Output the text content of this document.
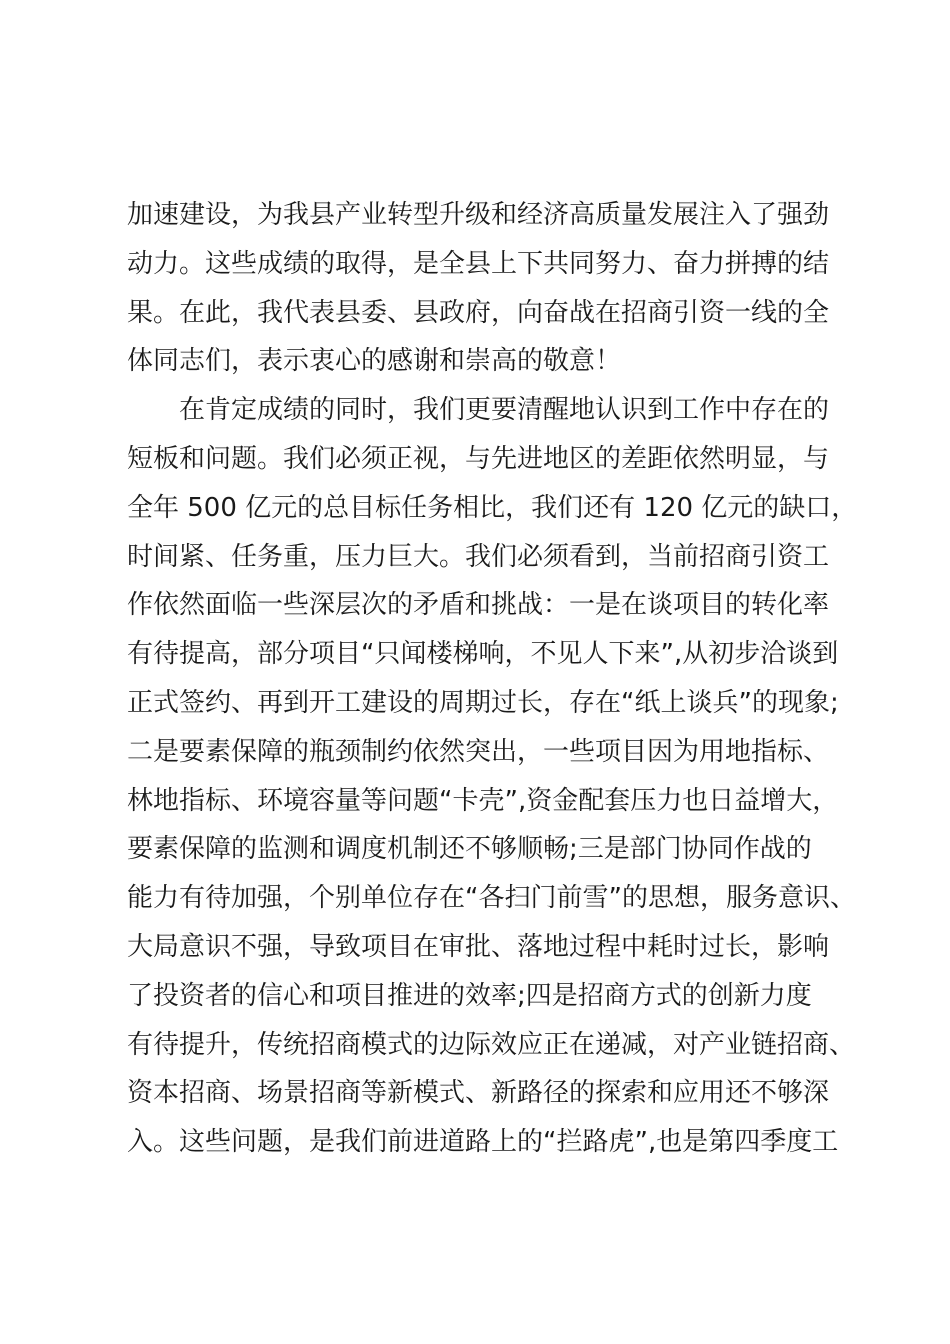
加速建设，为我县产业转型升级和经济高质量发展注入了强劲

动力。这些成绩的取得，是全县上下共同努力、奋力拼搏的结

果。在此，我代表县委、县政府，向奋战在招商引资一线的全

体同志们，表示衷心的感谢和崇高的敬意！

在肯定成绩的同时，我们更要清醒地认识到工作中存在的

短板和问题。我们必须正视，与先进地区的差距依然明显，与

全年 500 亿元的总目标任务相比，我们还有 120 亿元的缺口，

时间紧、任务重，压力巨大。我们必须看到，当前招商引资工

作依然面临一些深层次的矛盾和挑战：一是在谈项目的转化率

有待提高，部分项目“只闻楼梯响，不见人下来”,从初步洽谈到

正式签约、再到开工建设的周期过长，存在“纸上谈兵”的现象;

二是要素保障的瓶颈制约依然突出，一些项目因为用地指标、

林地指标、环境容量等问题“卡壳”,资金配套压力也日益增大，

要素保障的监测和调度机制还不够顺畅;三是部门协同作战的

能力有待加强，个别单位存在“各扫门前雪”的思想，服务意识、

大局意识不强，导致项目在审批、落地过程中耗时过长，影响

了投资者的信心和项目推进的效率;四是招商方式的创新力度

有待提升，传统招商模式的边际效应正在递减，对产业链招商、

资本招商、场景招商等新模式、新路径的探索和应用还不够深

入。这些问题，是我们前进道路上的“拦路虎”,也是第四季度工
